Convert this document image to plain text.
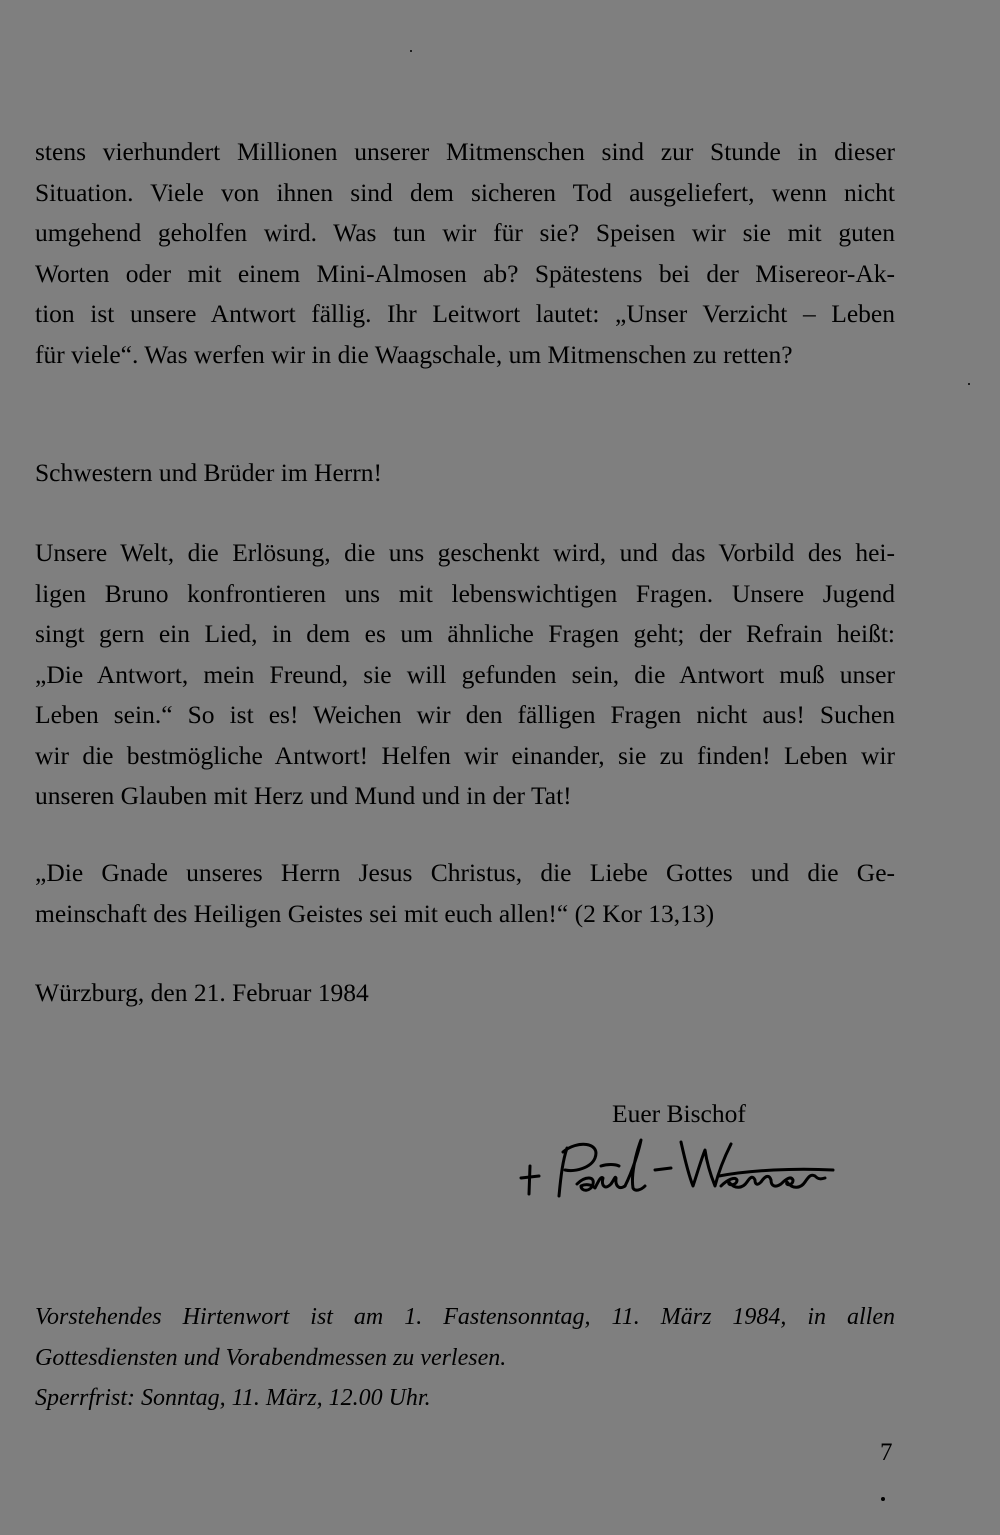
stens vierhundert Millionen unserer Mitmenschen sind zur Stunde in dieser
Situation. Viele von ihnen sind dem sicheren Tod ausgeliefert, wenn nicht
umgehend geholfen wird. Was tun wir für sie? Speisen wir sie mit guten
Worten oder mit einem Mini-Almosen ab? Spätestens bei der Misereor-Ak-
tion ist unsere Antwort fällig. Ihr Leitwort lautet: „Unser Verzicht – Leben
für viele“. Was werfen wir in die Waagschale, um Mitmenschen zu retten?

Schwestern und Brüder im Herrn!

Unsere Welt, die Erlösung, die uns geschenkt wird, und das Vorbild des hei-
ligen Bruno konfrontieren uns mit lebenswichtigen Fragen. Unsere Jugend
singt gern ein Lied, in dem es um ähnliche Fragen geht; der Refrain heißt:
„Die Antwort, mein Freund, sie will gefunden sein, die Antwort muß unser
Leben sein.“ So ist es! Weichen wir den fälligen Fragen nicht aus! Suchen
wir die bestmögliche Antwort! Helfen wir einander, sie zu finden! Leben wir
unseren Glauben mit Herz und Mund und in der Tat!

„Die Gnade unseres Herrn Jesus Christus, die Liebe Gottes und die Ge-
meinschaft des Heiligen Geistes sei mit euch allen!“ (2 Kor 13,13)

Würzburg, den 21. Februar 1984

Euer Bischof

Vorstehendes Hirtenwort ist am 1. Fastensonntag, 11. März 1984, in allen
Gottesdiensten und Vorabendmessen zu verlesen.
Sperrfrist: Sonntag, 11. März, 12.00 Uhr.

7
